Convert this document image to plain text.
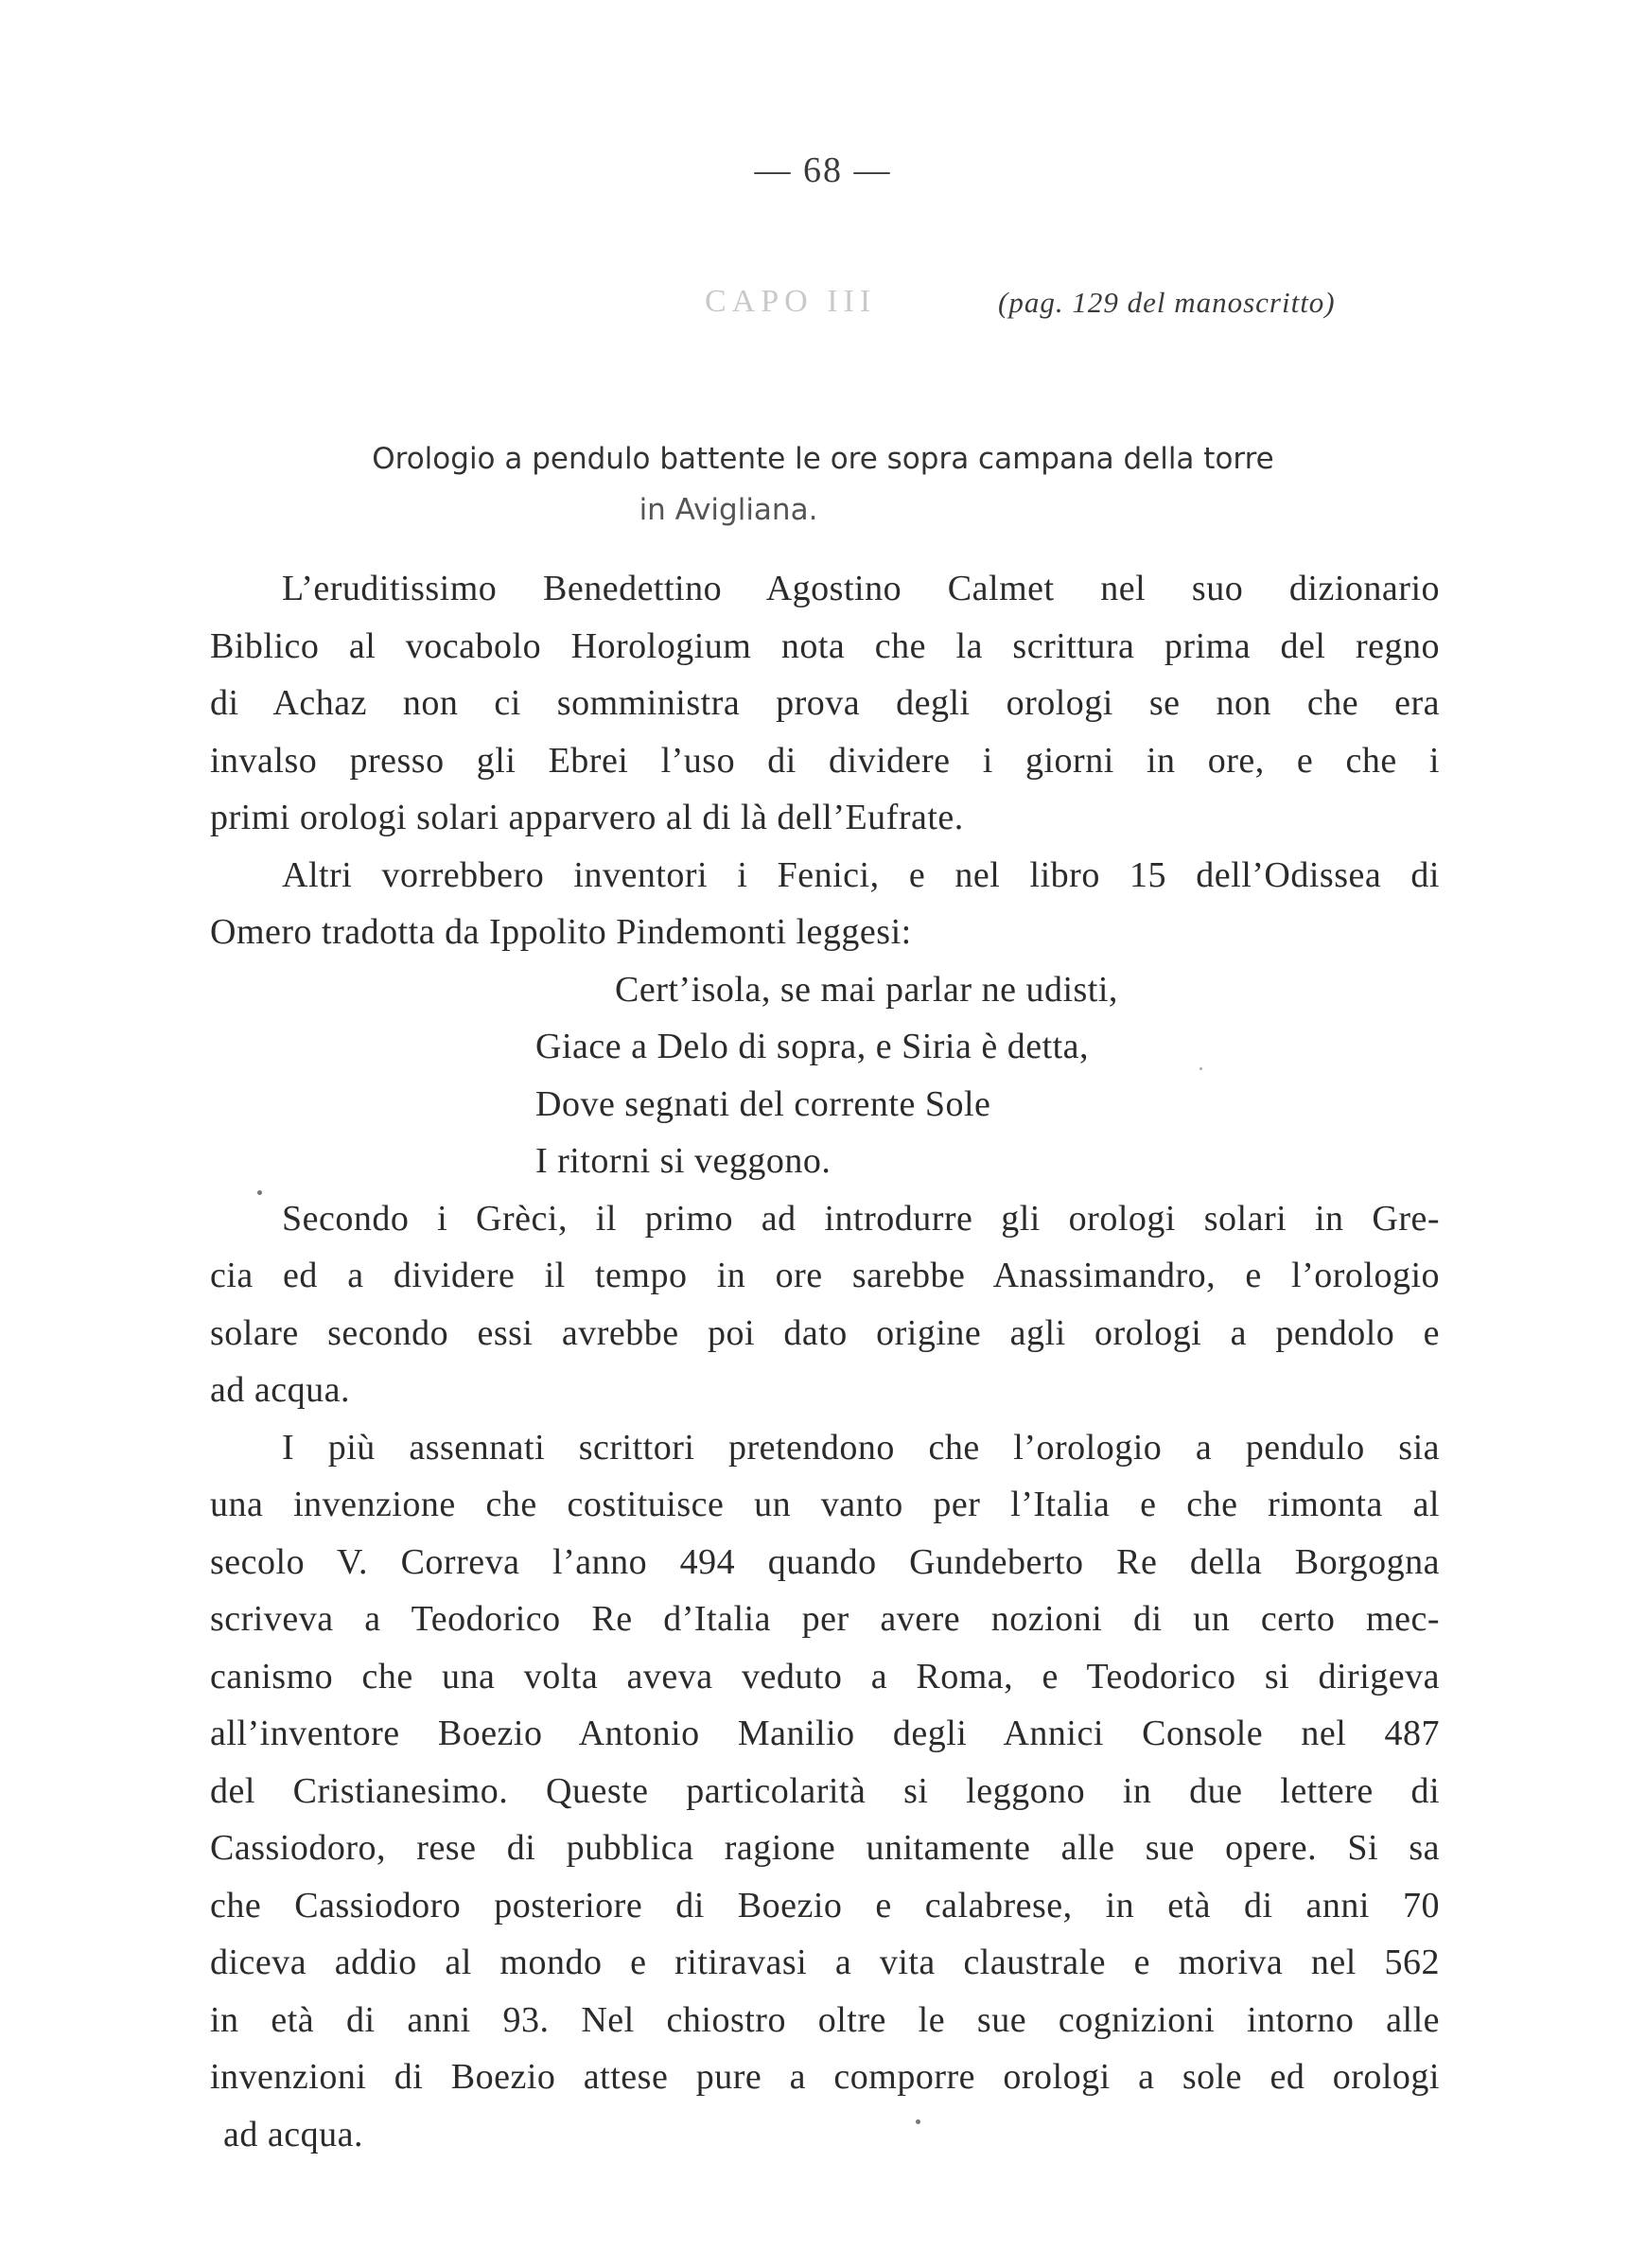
— 68 —
CAPO III	(pag. 129 del manoscritto)
Orologio a pendulo battente le ore sopra campana della torre
in Avigliana.

L’eruditissimo Benedettino Agostino Calmet nel suo dizionario
Biblico al vocabolo Horologium nota che la scrittura prima del regno
di Achaz non ci somministra prova degli orologi se non che era
invalso presso gli Ebrei l’uso di dividere i giorni in ore, e che i
primi orologi solari apparvero al di là dell’Eufrate.

Altri vorrebbero inventori i Fenici, e nel libro 15 dell’Odissea di
Omero tradotta da Ippolito Pindemonti leggesi:

Cert’isola, se mai parlar ne udisti,
Giace a Delo di sopra, e Siria è detta,
Dove segnati del corrente Sole
I ritorni si veggono.

Secondo i Grèci, il primo ad introdurre gli orologi solari in Gre-
cia ed a dividere il tempo in ore sarebbe Anassimandro, e l’orologio
solare secondo essi avrebbe poi dato origine agli orologi a pendolo e
ad acqua.

I più assennati scrittori pretendono che l’orologio a pendulo sia
una invenzione che costituisce un vanto per l’Italia e che rimonta al
secolo V. Correva l’anno 494 quando Gundeberto Re della Borgogna
scriveva a Teodorico Re d’Italia per avere nozioni di un certo mec-
canismo che una volta aveva veduto a Roma, e Teodorico si dirigeva
all’inventore Boezio Antonio Manilio degli Annici Console nel 487
del Cristianesimo. Queste particolarità si leggono in due lettere di
Cassiodoro, rese di pubblica ragione unitamente alle sue opere. Si sa
che Cassiodoro posteriore di Boezio e calabrese, in età di anni 70
diceva addio al mondo e ritiravasi a vita claustrale e moriva nel 562
in età di anni 93. Nel chiostro oltre le sue cognizioni intorno alle
invenzioni di Boezio attese pure a comporre orologi a sole ed orologi
ad acqua.
